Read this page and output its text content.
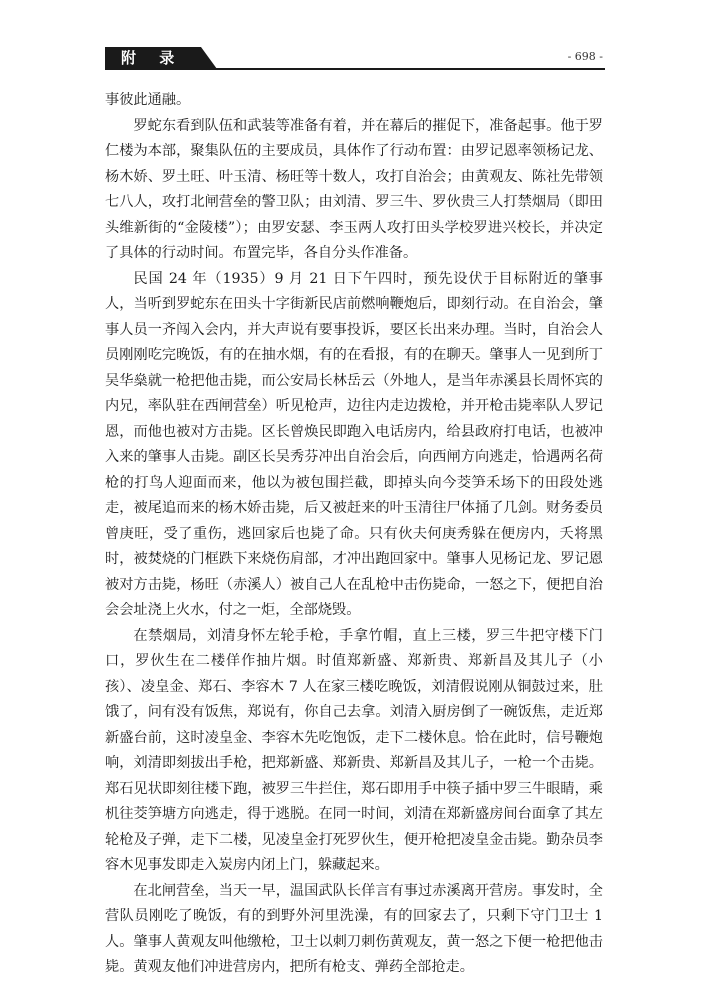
附 录	- 698 -

事彼此通融。

罗蛇东看到队伍和武装等准备有着，并在幕后的摧促下，准备起事。他于罗仁楼为本部，聚集队伍的主要成员，具体作了行动布置：由罗记恩率领杨记龙、杨木娇、罗土旺、叶玉清、杨旺等十数人，攻打自治会；由黄观友、陈社先带领七八人，攻打北闸营垒的警卫队；由刘清、罗三牛、罗伙贵三人打禁烟局（即田头维新街的“金陵楼”）；由罗安瑟、李玉两人攻打田头学校罗进兴校长，并决定了具体的行动时间。布置完毕，各自分头作准备。

民国 24 年（1935）9 月 21 日下午四时，预先设伏于目标附近的肇事人，当听到罗蛇东在田头十字街新民店前燃响鞭炮后，即刻行动。在自治会，肇事人员一齐闯入会内，并大声说有要事投诉，要区长出来办理。当时，自治会人员刚刚吃完晚饭，有的在抽水烟，有的在看报，有的在聊天。肇事人一见到所丁吴华燊就一枪把他击毙，而公安局长林岳云（外地人，是当年赤溪县长周怀宾的内兄，率队驻在西闸营垒）听见枪声，边往内走边拨枪，并开枪击毙率队人罗记恩，而他也被对方击毙。区长曾焕民即跑入电话房内，给县政府打电话，也被冲入来的肇事人击毙。副区长吴秀芬冲出自治会后，向西闸方向逃走，恰遇两名荷枪的打鸟人迎面而来，他以为被包围拦截，即掉头向今茭笋禾场下的田段处逃走，被尾追而来的杨木娇击毙，后又被赶来的叶玉清往尸体捅了几剑。财务委员曾庚旺，受了重伤，逃回家后也毙了命。只有伙夫何庚秀躲在便房内，夭将黑时，被焚烧的门框跌下来烧伤肩部，才冲出跑回家中。肇事人见杨记龙、罗记恩被对方击毙，杨旺（赤溪人）被自己人在乱枪中击伤毙命，一怒之下，便把自治会会址浇上火水，付之一炬，全部烧毁。

在禁烟局，刘清身怀左轮手枪，手拿竹帽，直上三楼，罗三牛把守楼下门口，罗伙生在二楼佯作抽片烟。时值郑新盛、郑新贵、郑新昌及其儿子（小孩）、凌皇金、郑石、李容木 7 人在家三楼吃晚饭，刘清假说刚从铜鼓过来，肚饿了，问有没有饭焦，郑说有，你自己去拿。刘清入厨房倒了一碗饭焦，走近郑新盛台前，这时凌皇金、李容木先吃饱饭，走下二楼休息。恰在此时，信号鞭炮响，刘清即刻拔出手枪，把郑新盛、郑新贵、郑新昌及其儿子，一枪一个击毙。郑石见状即刻往楼下跑，被罗三牛拦住，郑石即用手中筷子插中罗三牛眼睛，乘机往茭笋塘方向逃走，得于逃脱。在同一时间，刘清在郑新盛房间台面拿了其左轮枪及子弹，走下二楼，见凌皇金打死罗伙生，便开枪把凌皇金击毙。勤杂员李容木见事发即走入炭房内闭上门，躲藏起来。

在北闸营垒，当天一早，温国武队长佯言有事过赤溪离开营房。事发时，全营队员刚吃了晚饭，有的到野外河里洗澡，有的回家去了，只剩下守门卫士 1 人。肇事人黄观友叫他缴枪，卫士以刺刀刺伤黄观友，黄一怒之下便一枪把他击毙。黄观友他们冲进营房内，把所有枪支、弹药全部抢走。
